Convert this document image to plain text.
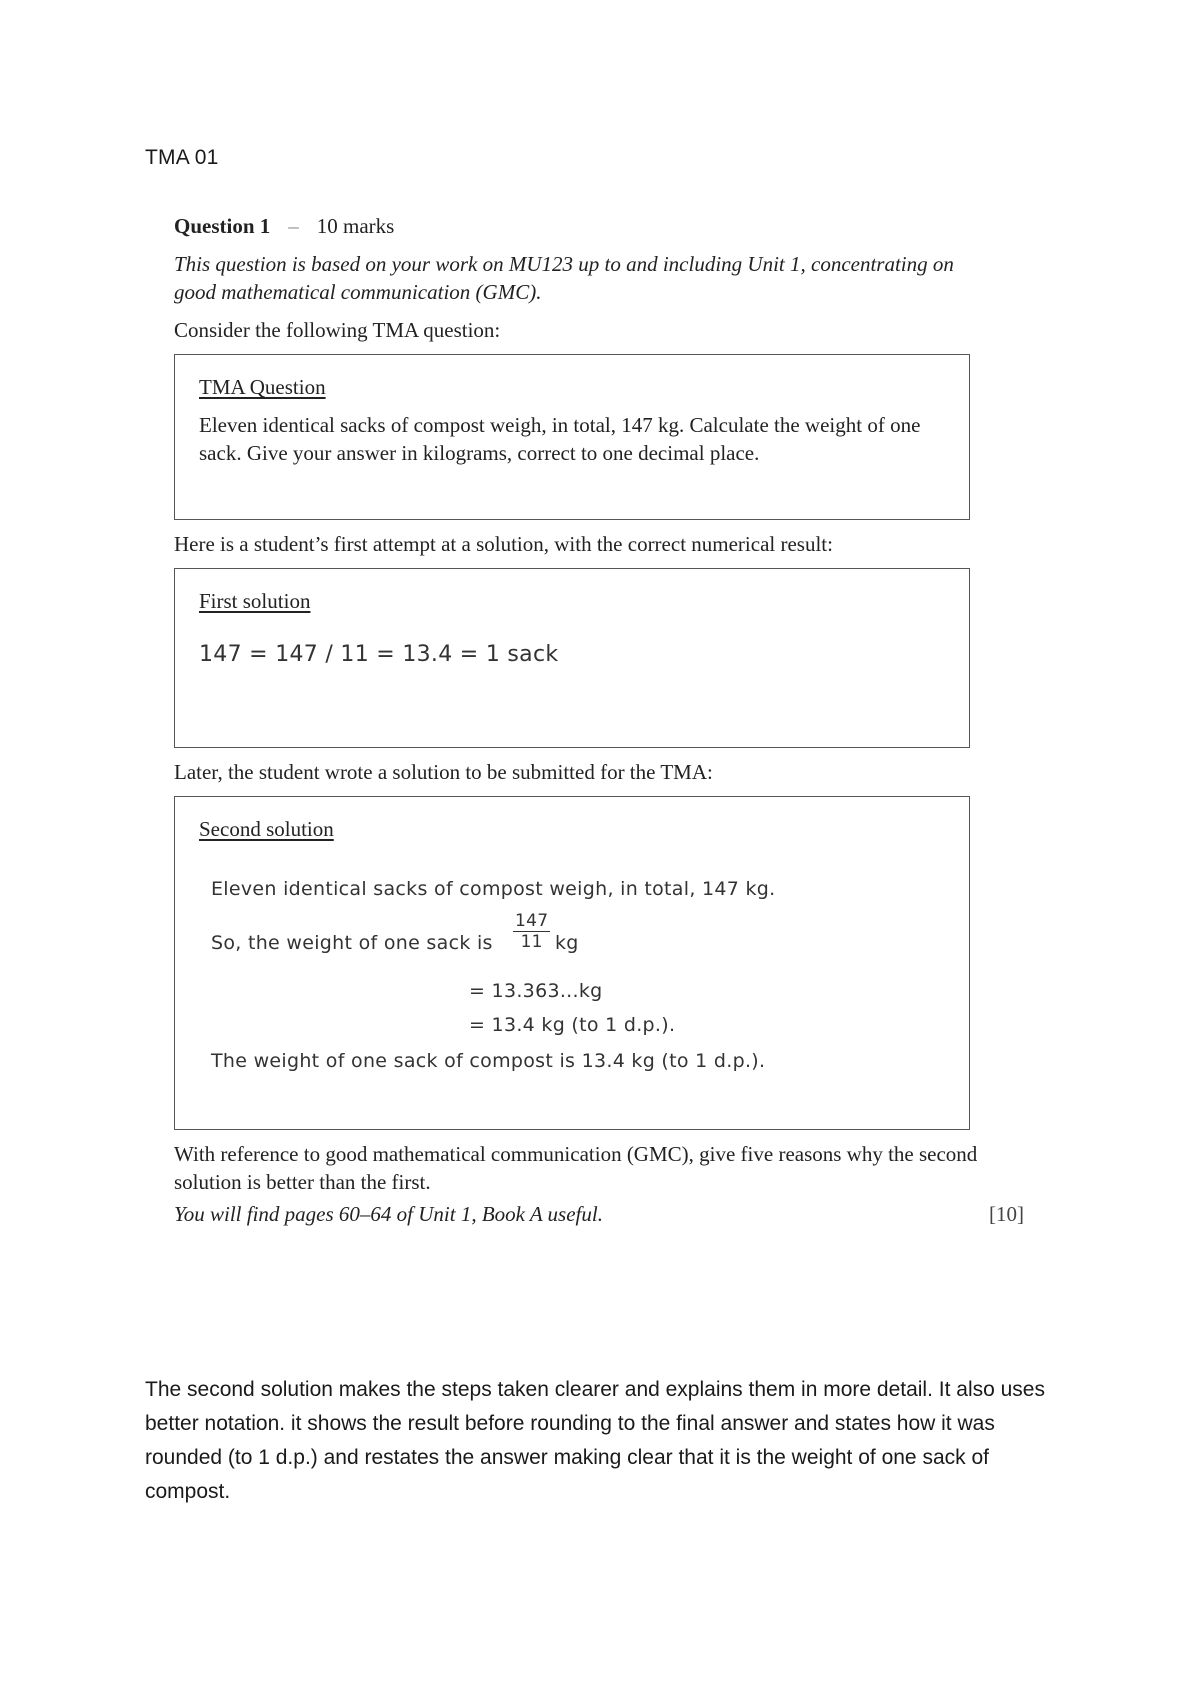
TMA 01
Question 1 – 10 marks
This question is based on your work on MU123 up to and including Unit 1, concentrating on good mathematical communication (GMC).
Consider the following TMA question:
TMA Question
Eleven identical sacks of compost weigh, in total, 147 kg. Calculate the weight of one sack. Give your answer in kilograms, correct to one decimal place.
Here is a student’s first attempt at a solution, with the correct numerical result:
First solution
147 = 147 / 11 = 13.4 = 1 sack
Later, the student wrote a solution to be submitted for the TMA:
Second solution
Eleven identical sacks of compost weigh, in total, 147 kg.
So, the weight of one sack is $\frac{147}{11}$ kg
= 13.363...kg
= 13.4 kg (to 1 d.p.).
The weight of one sack of compost is 13.4 kg (to 1 d.p.).
With reference to good mathematical communication (GMC), give five reasons why the second solution is better than the first.
You will find pages 60–64 of Unit 1, Book A useful.	[10]
The second solution makes the steps taken clearer and explains them in more detail. It also uses better notation. it shows the result before rounding to the final answer and states how it was rounded (to 1 d.p.) and restates the answer making clear that it is the weight of one sack of compost.
